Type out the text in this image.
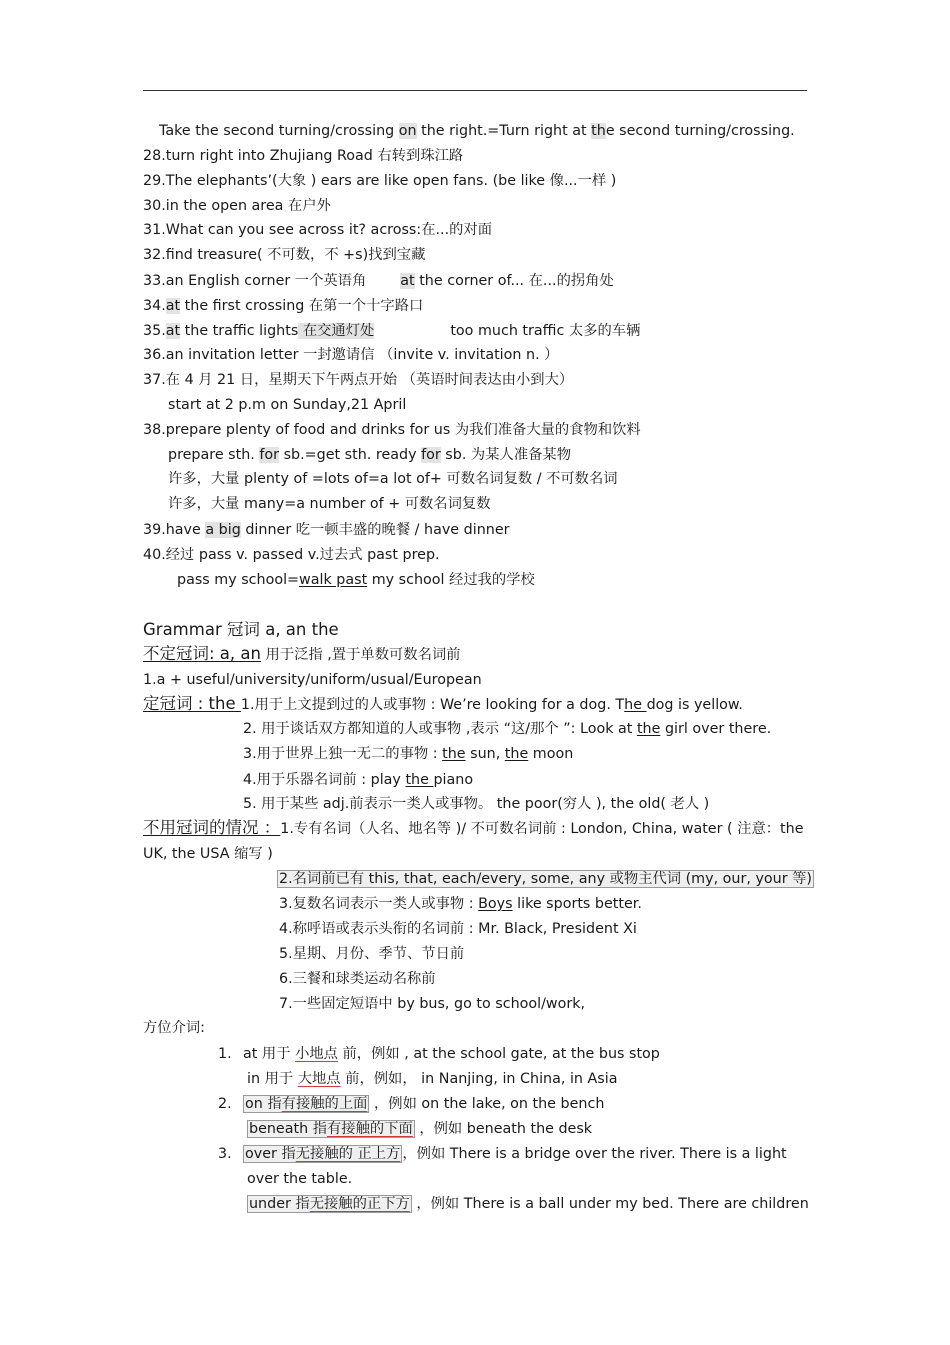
Take the second turning/crossing on the right.=Turn right at the second turning/crossing.
28.turn right into Zhujiang Road 右转到珠江路
29.The elephants’(大象 ) ears are like open fans. (be like 像...一样 )
30.in the open area 在户外
31.What can you see across it? across:在...的对面
32.find treasure( 不可数，不 +s)找到宝藏
33.an English corner 一个英语角 at the corner of... 在...的拐角处
34.at the first crossing 在第一个十字路口
35.at the traffic lights 在交通灯处	too much traffic 太多的车辆
36.an invitation letter 一封邀请信 （invite v. invitation n. ）
37.在 4 月 21 日，星期天下午两点开始 （英语时间表达由小到大）
start at 2 p.m on Sunday,21 April
38.prepare plenty of food and drinks for us 为我们准备大量的食物和饮料
prepare sth. for sb.=get sth. ready for sb. 为某人准备某物
许多，大量 plenty of =lots of=a lot of+ 可数名词复数 / 不可数名词
许多，大量 many=a number of + 可数名词复数
39.have a big dinner 吃一顿丰盛的晚餐 / have dinner
40.经过 pass v. passed v.过去式 past prep.
pass my school=walk past my school 经过我的学校
Grammar 冠词 a, an the
不定冠词: a, an 用于泛指 ,置于单数可数名词前
1.a + useful/university/uniform/usual/European
定冠词 : the 1.用于上文提到过的人或事物 : We’re looking for a dog. The dog is yellow.
2. 用于谈话双方都知道的人或事物 ,表示 “这/那个 ”: Look at the girl over there.
3.用于世界上独一无二的事物 : the sun, the moon
4.用于乐器名词前 : play the piano
5. 用于某些 adj.前表示一类人或事物。 the poor(穷人 ), the old( 老人 )
不用冠词的情况 ：1.专有名词（人名、地名等 )/ 不可数名词前 : London, China, water ( 注意：the
UK, the USA 缩写 )
2.名词前已有 this, that, each/every, some, any 或物主代词 (my, our, your 等)
3.复数名词表示一类人或事物 : Boys like sports better.
4.称呼语或表示头衔的名词前 : Mr. Black, President Xi
5.星期、月份、季节、节日前
6.三餐和球类运动名称前
7.一些固定短语中 by bus, go to school/work,
方位介词:
1. at 用于 小地点 前，例如 , at the school gate, at the bus stop
in 用于 大地点 前，例如， in Nanjing, in China, in Asia
2. on 指有接触的上面 ，例如 on the lake, on the bench
beneath 指有接触的下面 ，例如 beneath the desk
3. over 指无接触的 正上方 ，例如 There is a bridge over the river. There is a light
over the table.
under 指无接触的正下方 ，例如 There is a ball under my bed. There are children
